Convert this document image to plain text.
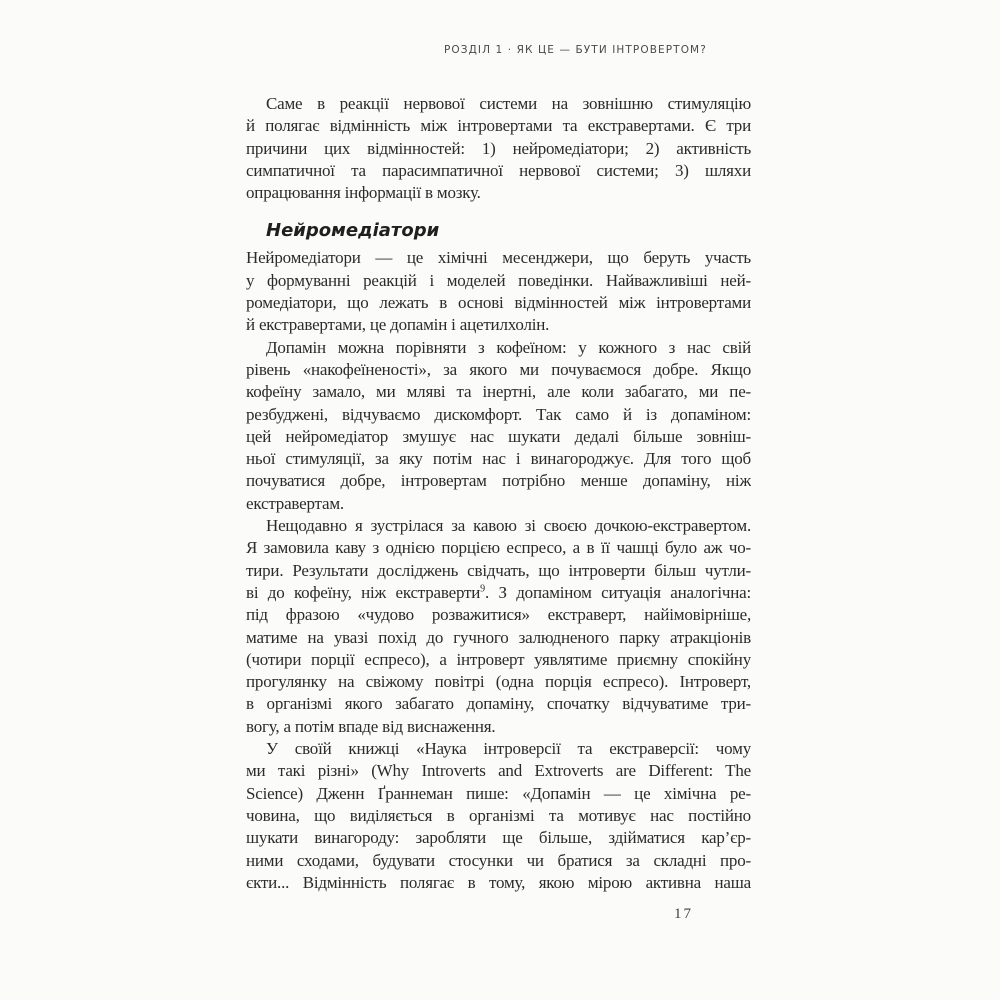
РОЗДІЛ 1 · ЯК ЦЕ — БУТИ ІНТРОВЕРТОМ?
Саме в реакції нервової системи на зовнішню стимуляцію
й полягає відмінність між інтровертами та екстравертами. Є три
причини цих відмінностей: 1) нейромедіатори; 2) активність
симпатичної та парасимпатичної нервової системи; 3) шляхи
опрацювання інформації в мозку.
Нейромедіатори
Нейромедіатори — це хімічні месенджери, що беруть участь
у формуванні реакцій і моделей поведінки. Найважливіші ней-
ромедіатори, що лежать в основі відмінностей між інтровертами
й екстравертами, це допамін і ацетилхолін.
Допамін можна порівняти з кофеїном: у кожного з нас свій
рівень «накофеїненості», за якого ми почуваємося добре. Якщо
кофеїну замало, ми мляві та інертні, але коли забагато, ми пе-
резбуджені, відчуваємо дискомфорт. Так само й із допаміном:
цей нейромедіатор змушує нас шукати дедалі більше зовніш-
ньої стимуляції, за яку потім нас і винагороджує. Для того щоб
почуватися добре, інтровертам потрібно менше допаміну, ніж
екстравертам.
Нещодавно я зустрілася за кавою зі своєю дочкою-екстравертом.
Я замовила каву з однією порцією еспресо, а в її чашці було аж чо-
тири. Результати досліджень свідчать, що інтроверти більш чутли-
ві до кофеїну, ніж екстраверти$^9$. З допаміном ситуація аналогічна:
під фразою «чудово розважитися» екстраверт, найімовірніше,
матиме на увазі похід до гучного залюдненого парку атракціонів
(чотири порції еспресо), а інтроверт уявлятиме приємну спокійну
прогулянку на свіжому повітрі (одна порція еспресо). Інтроверт,
в організмі якого забагато допаміну, спочатку відчуватиме три-
вогу, а потім впаде від виснаження.
У своїй книжці «Наука інтроверсії та екстраверсії: чому
ми такі різні» (Why Introverts and Extroverts are Different: The
Science) Дженн Ґраннеман пише: «Допамін — це хімічна ре-
човина, що виділяється в організмі та мотивує нас постійно
шукати винагороду: заробляти ще більше, здійматися кар’єр-
ними сходами, будувати стосунки чи братися за складні про-
єкти... Відмінність полягає в тому, якою мірою активна наша
17
